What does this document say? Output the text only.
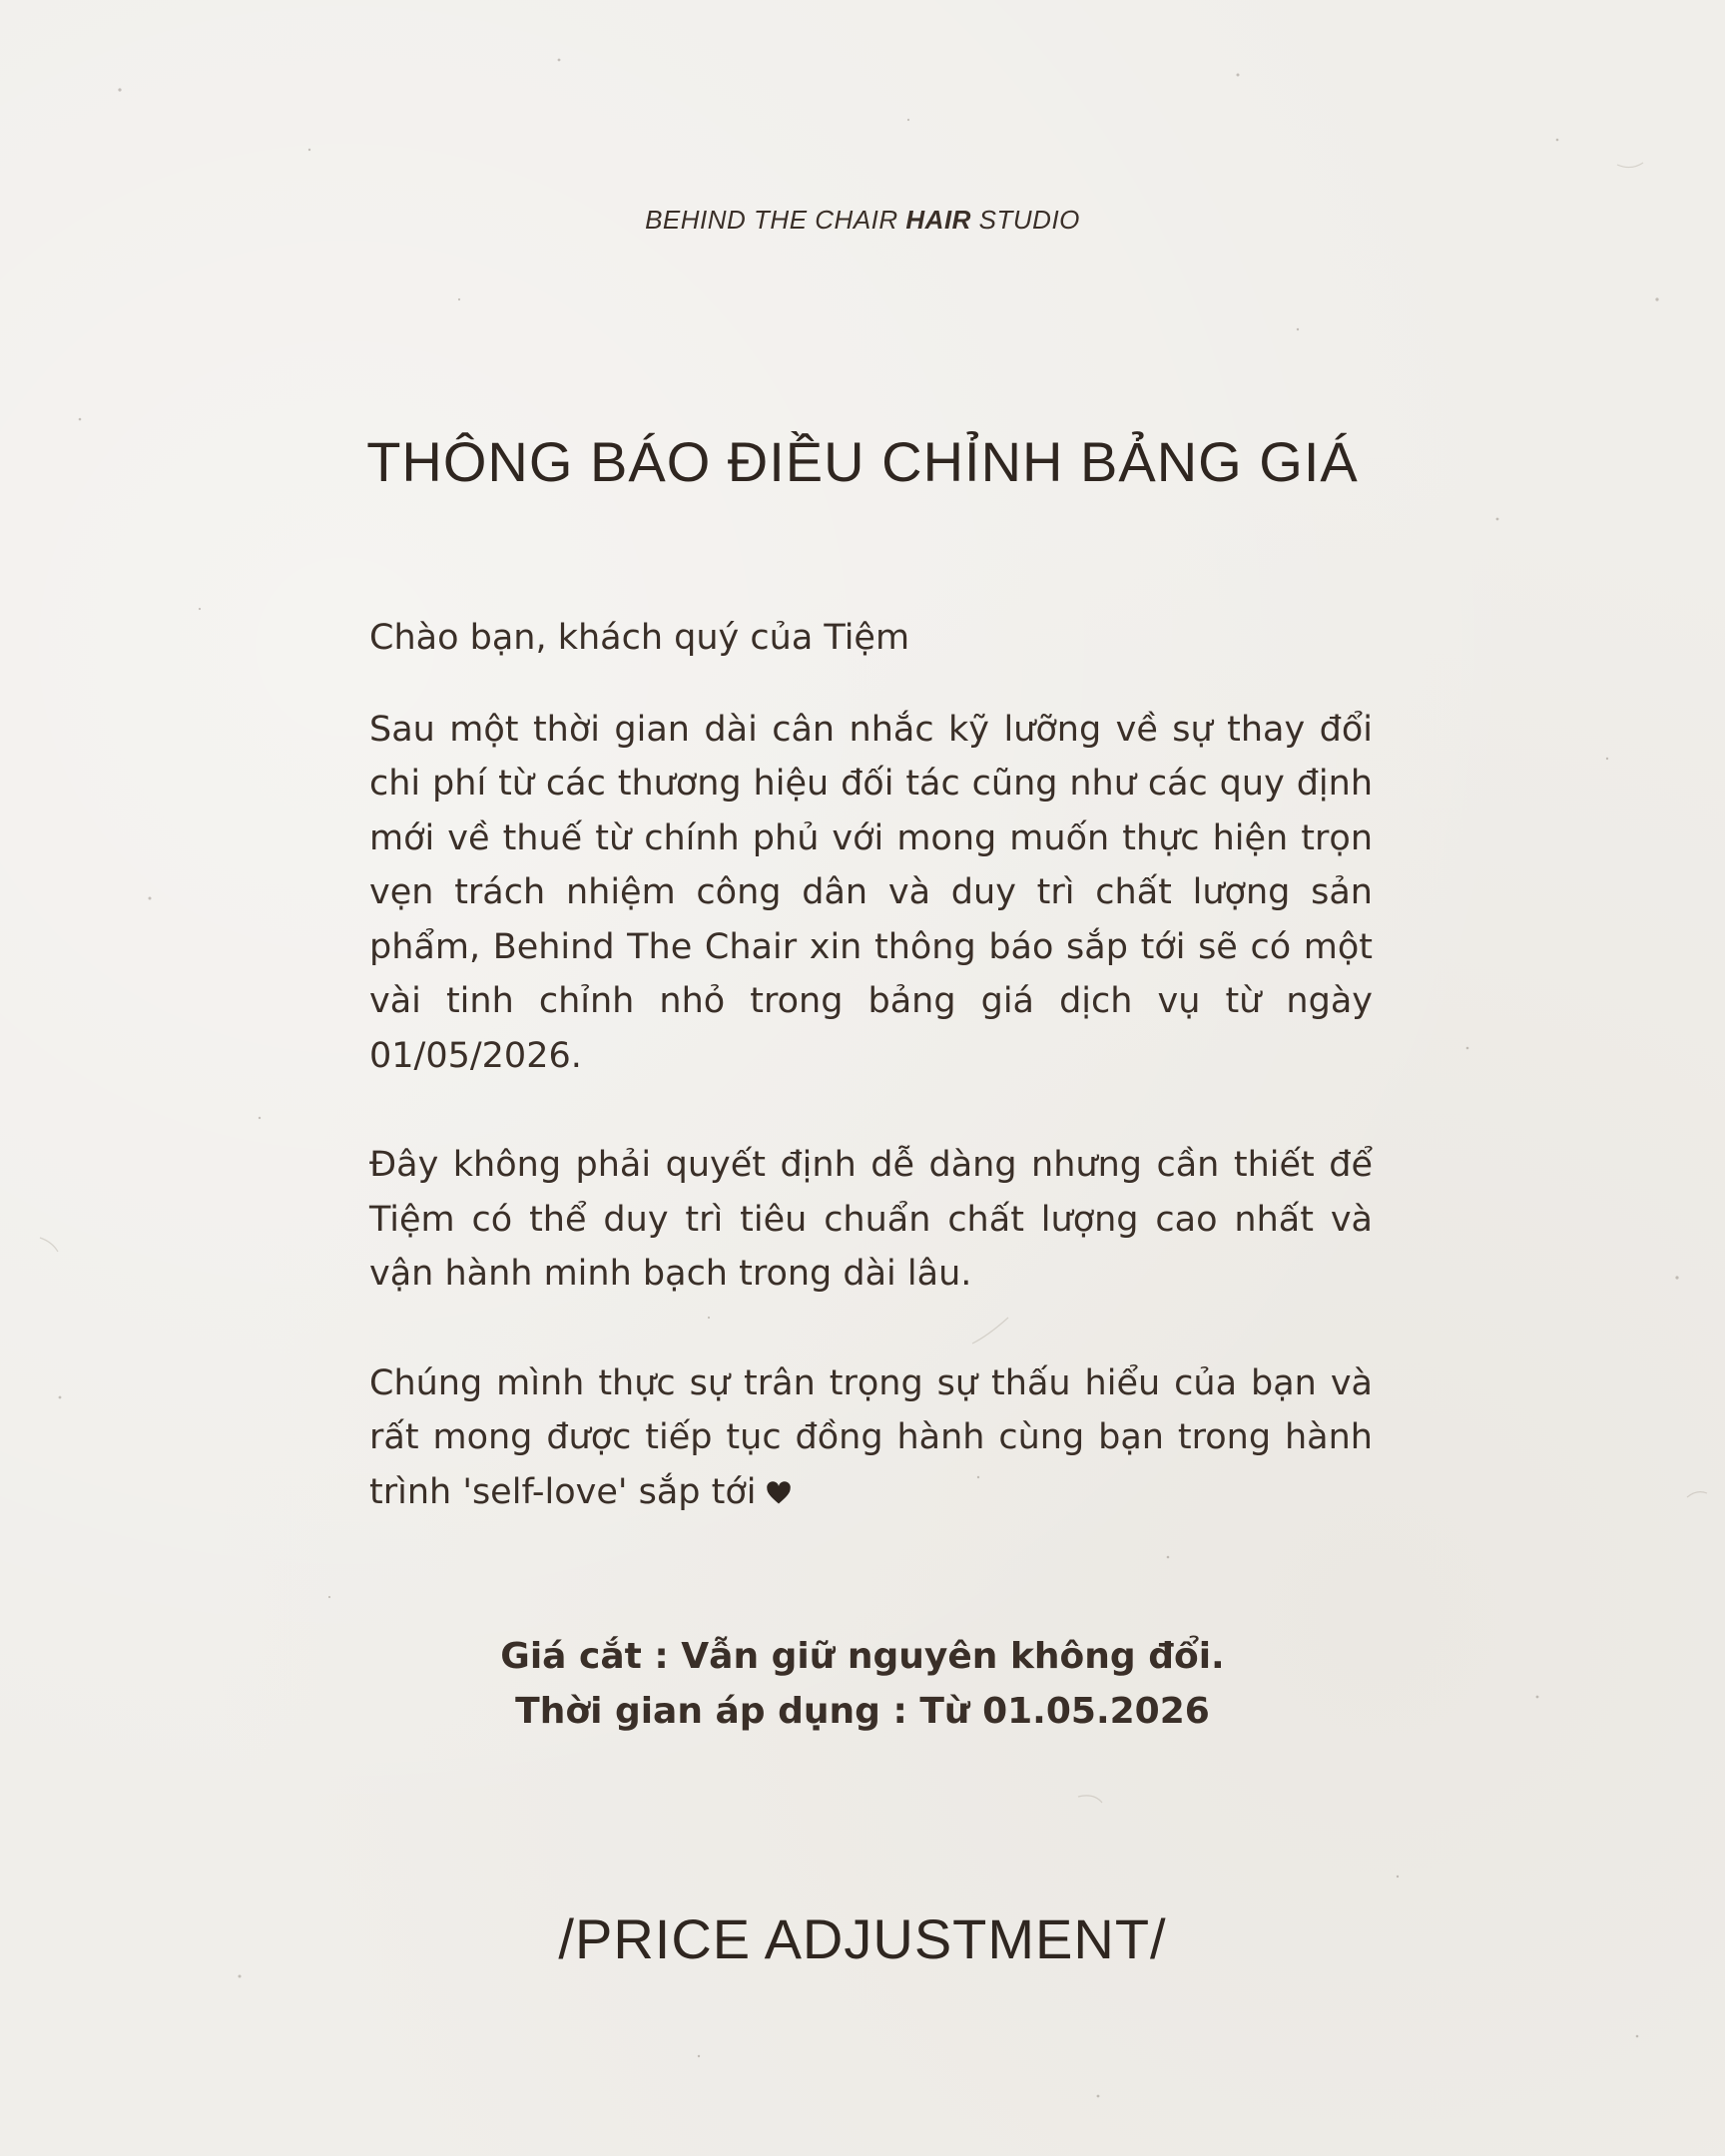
BEHIND THE CHAIR HAIR STUDIO
THÔNG BÁO ĐIỀU CHỈNH BẢNG GIÁ

Chào bạn, khách quý của Tiệm

Sau một thời gian dài cân nhắc kỹ lưỡng về sự thay đổi chi phí từ các thương hiệu đối tác cũng như các quy định mới về thuế từ chính phủ với mong muốn thực hiện trọn vẹn trách nhiệm công dân và duy trì chất lượng sản phẩm, Behind The Chair xin thông báo sắp tới sẽ có một vài tinh chỉnh nhỏ trong bảng giá dịch vụ từ ngày 01/05/2026.

Đây không phải quyết định dễ dàng nhưng cần thiết để Tiệm có thể duy trì tiêu chuẩn chất lượng cao nhất và vận hành minh bạch trong dài lâu.

Chúng mình thực sự trân trọng sự thấu hiểu của bạn và rất mong được tiếp tục đồng hành cùng bạn trong hành trình 'self-love' sắp tới

Giá cắt : Vẫn giữ nguyên không đổi.
Thời gian áp dụng : Từ 01.05.2026
/PRICE ADJUSTMENT/
